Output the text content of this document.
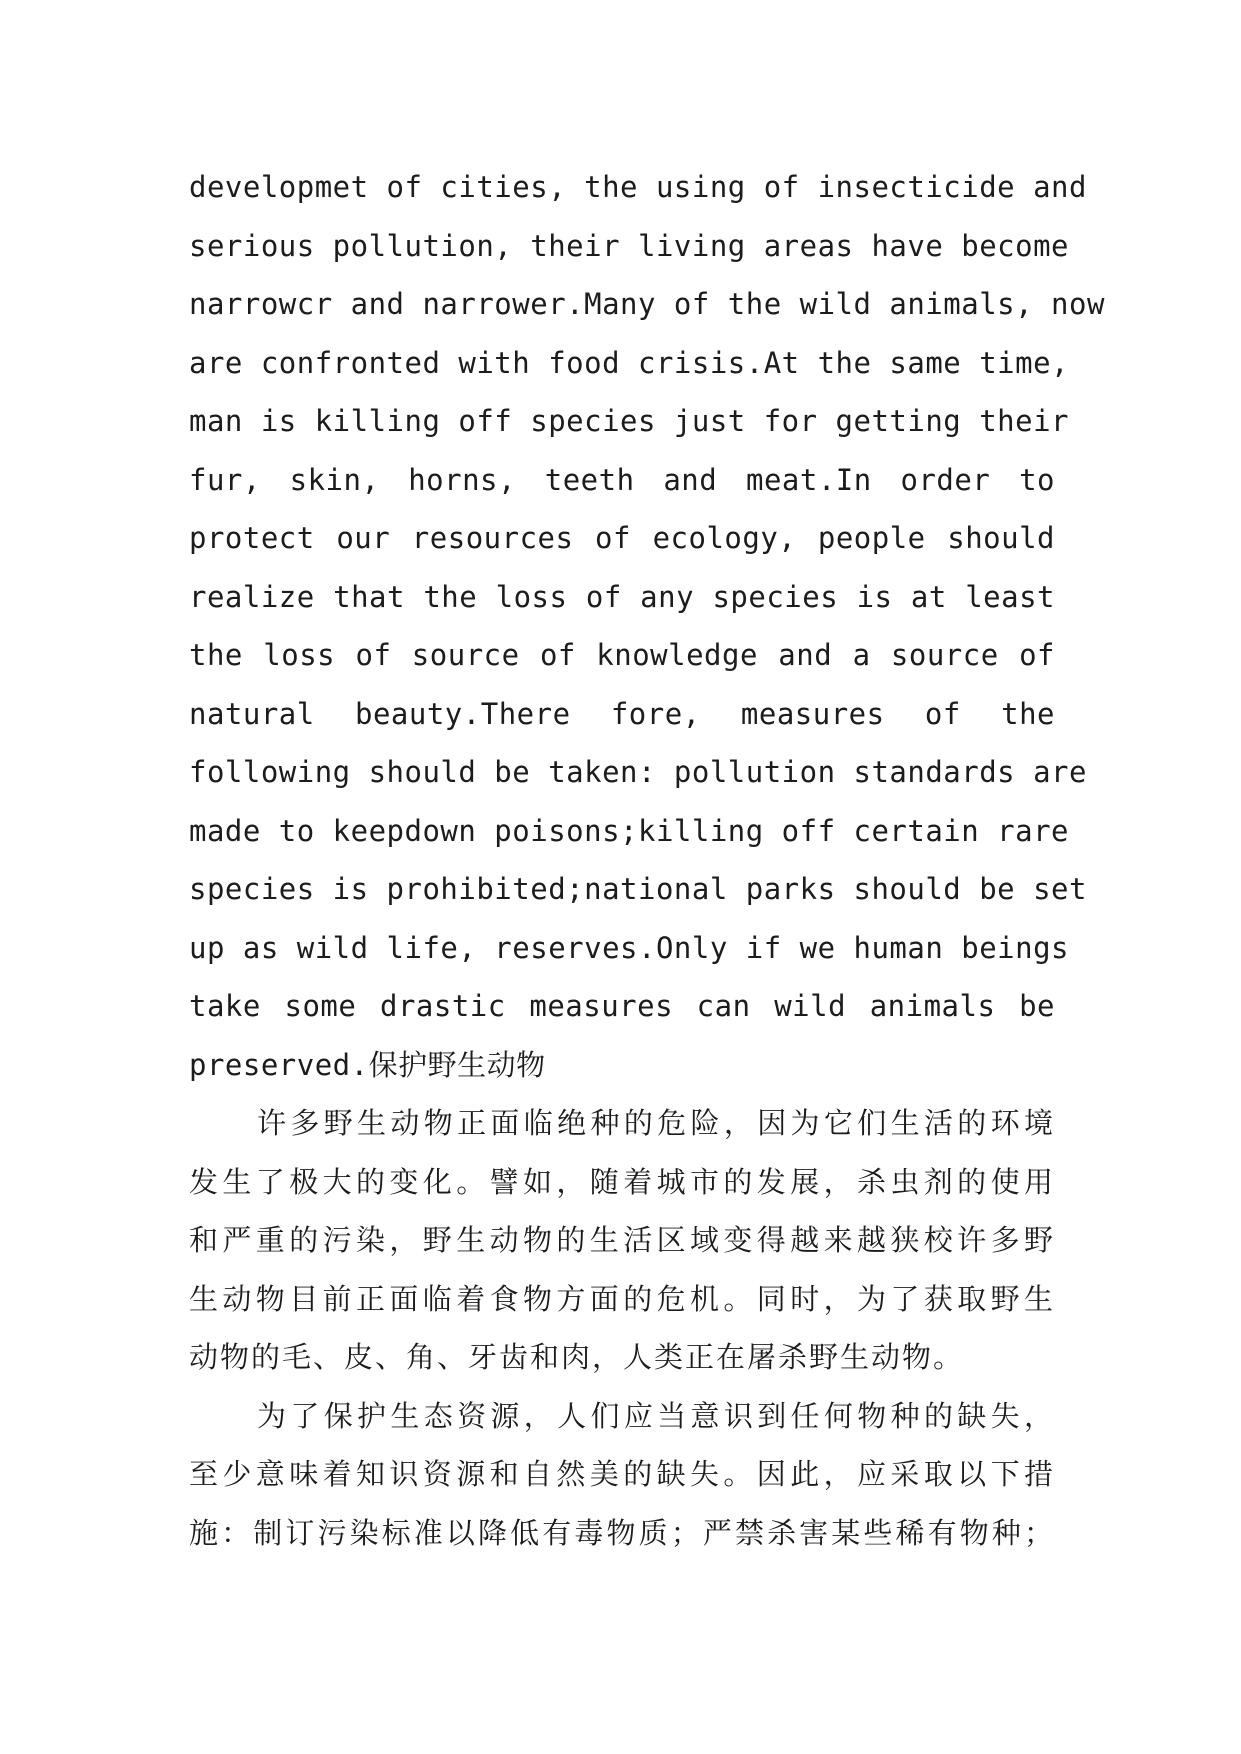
developmet of cities, the using of insecticide and
serious pollution, their living areas have become
narrowcr and narrower.Many of the wild animals, now
are confronted with food crisis.At the same time,
man is killing off species just for getting their
fur, skin, horns, teeth and meat.In order to
protect our resources of ecology, people should
realize that the loss of any species is at least
the loss of source of knowledge and a source of
natural beauty.There fore, measures of the
following should be taken: pollution standards are
made to keepdown poisons;killing off certain rare
species is prohibited;national parks should be set
up as wild life, reserves.Only if we human beings
take some drastic measures can wild animals be
preserved.保护野生动物
许多野生动物正面临绝种的危险，因为它们生活的环境
发生了极大的变化。譬如，随着城市的发展，杀虫剂的使用
和严重的污染，野生动物的生活区域变得越来越狭校许多野
生动物目前正面临着食物方面的危机。同时，为了获取野生
动物的毛、皮、角、牙齿和肉，人类正在屠杀野生动物。
为了保护生态资源，人们应当意识到任何物种的缺失，
至少意味着知识资源和自然美的缺失。因此，应采取以下措
施：制订污染标准以降低有毒物质；严禁杀害某些稀有物种；
